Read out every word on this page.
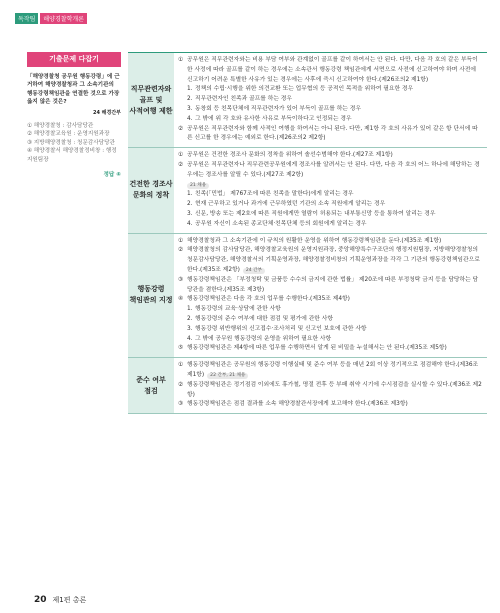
독작팀	해양경찰학개론
기출문제 다잡기
「해양경찰청 공무원 행동강령」에 근거하여 해양경찰청과 그 소속기관의 행동강령책임관을 연결한 것으로 가장 옳지 않은 것은?
24 해경간부
① 해양경찰청 : 감사담당관
② 해양경찰교육원 : 운영지원과장
③ 지방해양경찰청 : 청문감사담당관
④ 해양경찰서 해양경찰정비창 : 행정지원팀장
정답 ④
직무관련자와
골프 및
사적여행 제한
① 공무원은 직무관련자와는 비용 부담 여부와 관계없이 골프를 같이 하여서는 안 된다. 다만, 다음 각 호의 같은 부득이한 사정에 따라 골프를 같이 하는 경우에는 소속관서 행동강령 책임관에게 서면으로 사전에 신고하여야 하며 사전에 신고하기 어려운 특별한 사유가 있는 경우에는 사후에 즉시 신고하여야 한다.(제26조의2 제1항)
1. 정책의 수립·시행을 위한 의견교환 또는 업무협의 등 공적인 목적을 위하여 필요한 경우
2. 직무관련자인 친족과 골프를 하는 경우
3. 동창회 등 친목단체에 직무관련자가 있어 부득이 골프를 하는 경우
4. 그 밖에 위 각 호와 유사한 사유로 부득이하다고 인정되는 경우
② 공무원은 직무관련자와 함께 사적인 여행을 하여서는 아니 된다. 다만, 제1항 각 호의 사유가 있어 같은 항 단서에 따른 신고를 한 경우에는 예외로 한다.(제26조의2 제2항)
건전한 경조사
문화의 정착
① 공무원은 건전한 경조사 문화의 정착을 위하여 솔선수범해야 한다.(제27조 제1항)
② 공무원은 직무관련자나 직무관련공무원에게 경조사를 알려서는 안 된다. 다만, 다음 각 호의 어느 하나에 해당하는 경우에는 경조사를 알릴 수 있다.(제27조 제2항)
21 채용
1. 친족(「민법」 제767조에 따른 친족을 말한다)에게 알리는 경우
2. 현재 근무하고 있거나 과거에 근무하였던 기관의 소속 직원에게 알리는 경우
3. 신문, 방송 또는 제2호에 따른 직원에게만 열람이 허용되는 내부통신망 등을 통하여 알리는 경우
4. 공무원 자신이 소속된 종교단체·친목단체 등의 회원에게 알리는 경우
행동강령
책임관의 지정
① 해양경찰청과 그 소속기관에 이 규칙의 원활한 운영을 위하여 행동강령책임관을 둔다.(제35조 제1항)
② 해양경찰청의 감사담당관, 해양경찰교육원의 운영지원과장, 중앙해양특수구조단의 행정지원팀장, 지방해양경찰청의 청문감사담당관, 해양경찰서의 기획운영과장, 해양경찰정비창의 기획운영과장을 각각 그 기관의 행동강령책임관으로 한다.(제35조 제2항) 24 간부
③ 행동강령책임관은 「부정청탁 및 금품등 수수의 금지에 관한 법률」 제20조에 따른 부정청탁 금지 등을 담당하는 담당관을 겸한다.(제35조 제3항)
④ 행동강령책임관은 다음 각 호의 업무를 수행한다.(제35조 제4항)
1. 행동강령의 교육·상담에 관한 사항
2. 행동강령의 준수 여부에 대한 점검 및 평가에 관한 사항
3. 행동강령 위반행위의 신고접수·조사처리 및 신고인 보호에 관한 사항
4. 그 밖에 공무원 행동강령의 운영을 위하여 필요한 사항
⑤ 행동강령책임관은 제4항에 따른 업무를 수행하면서 알게 된 비밀을 누설해서는 안 된다.(제35조 제5항)
준수 여부
점검
① 행동강령책임관은 공무원의 행동강령 이행실태 및 준수 여부 등을 매년 2회 이상 정기적으로 점검해야 한다.(제36조 제1항) 22 간부, 21 채용
② 행동강령책임관은 정기점검 이외에도 휴가철, 명절 전후 등 부패 취약 시기에 수시점검을 실시할 수 있다.(제36조 제2항)
③ 행동강령책임관은 점검 결과를 소속 해양경찰관서장에게 보고해야 한다.(제36조 제3항)
20 제1편 총론
